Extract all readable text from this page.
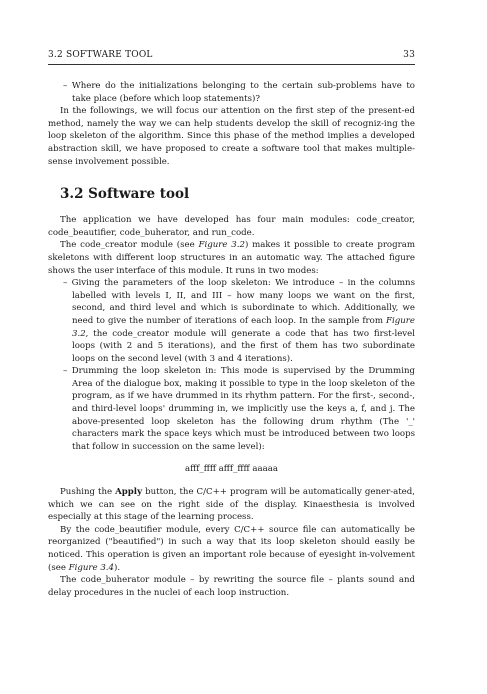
3.2 SOFTWARE TOOL	33

– Where do the initializations belonging to the certain sub-problems have to take place (before which loop statements)?

In the followings, we will focus our attention on the first step of the present-ed method, namely the way we can help students develop the skill of recogniz-ing the loop skeleton of the algorithm. Since this phase of the method implies a developed abstraction skill, we have proposed to create a software tool that makes multiple-sense involvement possible.

3.2 Software tool

The application we have developed has four main modules: code_creator, code_beautifier, code_buherator, and run_code.

The code_creator module (see Figure 3.2) makes it possible to create program skeletons with different loop structures in an automatic way. The attached figure shows the user interface of this module. It runs in two modes:

– Giving the parameters of the loop skeleton: We introduce – in the columns labelled with levels I, II, and III – how many loops we want on the first, second, and third level and which is subordinate to which. Additionally, we need to give the number of iterations of each loop. In the sample from Figure 3.2, the code_creator module will generate a code that has two first-level loops (with 2 and 5 iterations), and the first of them has two subordinate loops on the second level (with 3 and 4 iterations).

– Drumming the loop skeleton in: This mode is supervised by the Drumming Area of the dialogue box, making it possible to type in the loop skeleton of the program, as if we have drummed in its rhythm pattern. For the first-, second-, and third-level loops' drumming in, we implicitly use the keys a, f, and j. The above-presented loop skeleton has the following drum rhythm (The '_' characters mark the space keys which must be introduced between two loops that follow in succession on the same level):

afff_ffff afff_ffff aaaaa

Pushing the Apply button, the C/C++ program will be automatically gener-ated, which we can see on the right side of the display. Kinaesthesia is involved especially at this stage of the learning process.

By the code_beautifier module, every C/C++ source file can automatically be reorganized ("beautified") in such a way that its loop skeleton should easily be noticed. This operation is given an important role because of eyesight in-volvement (see Figure 3.4).

The code_buherator module – by rewriting the source file – plants sound and delay procedures in the nuclei of each loop instruction.
